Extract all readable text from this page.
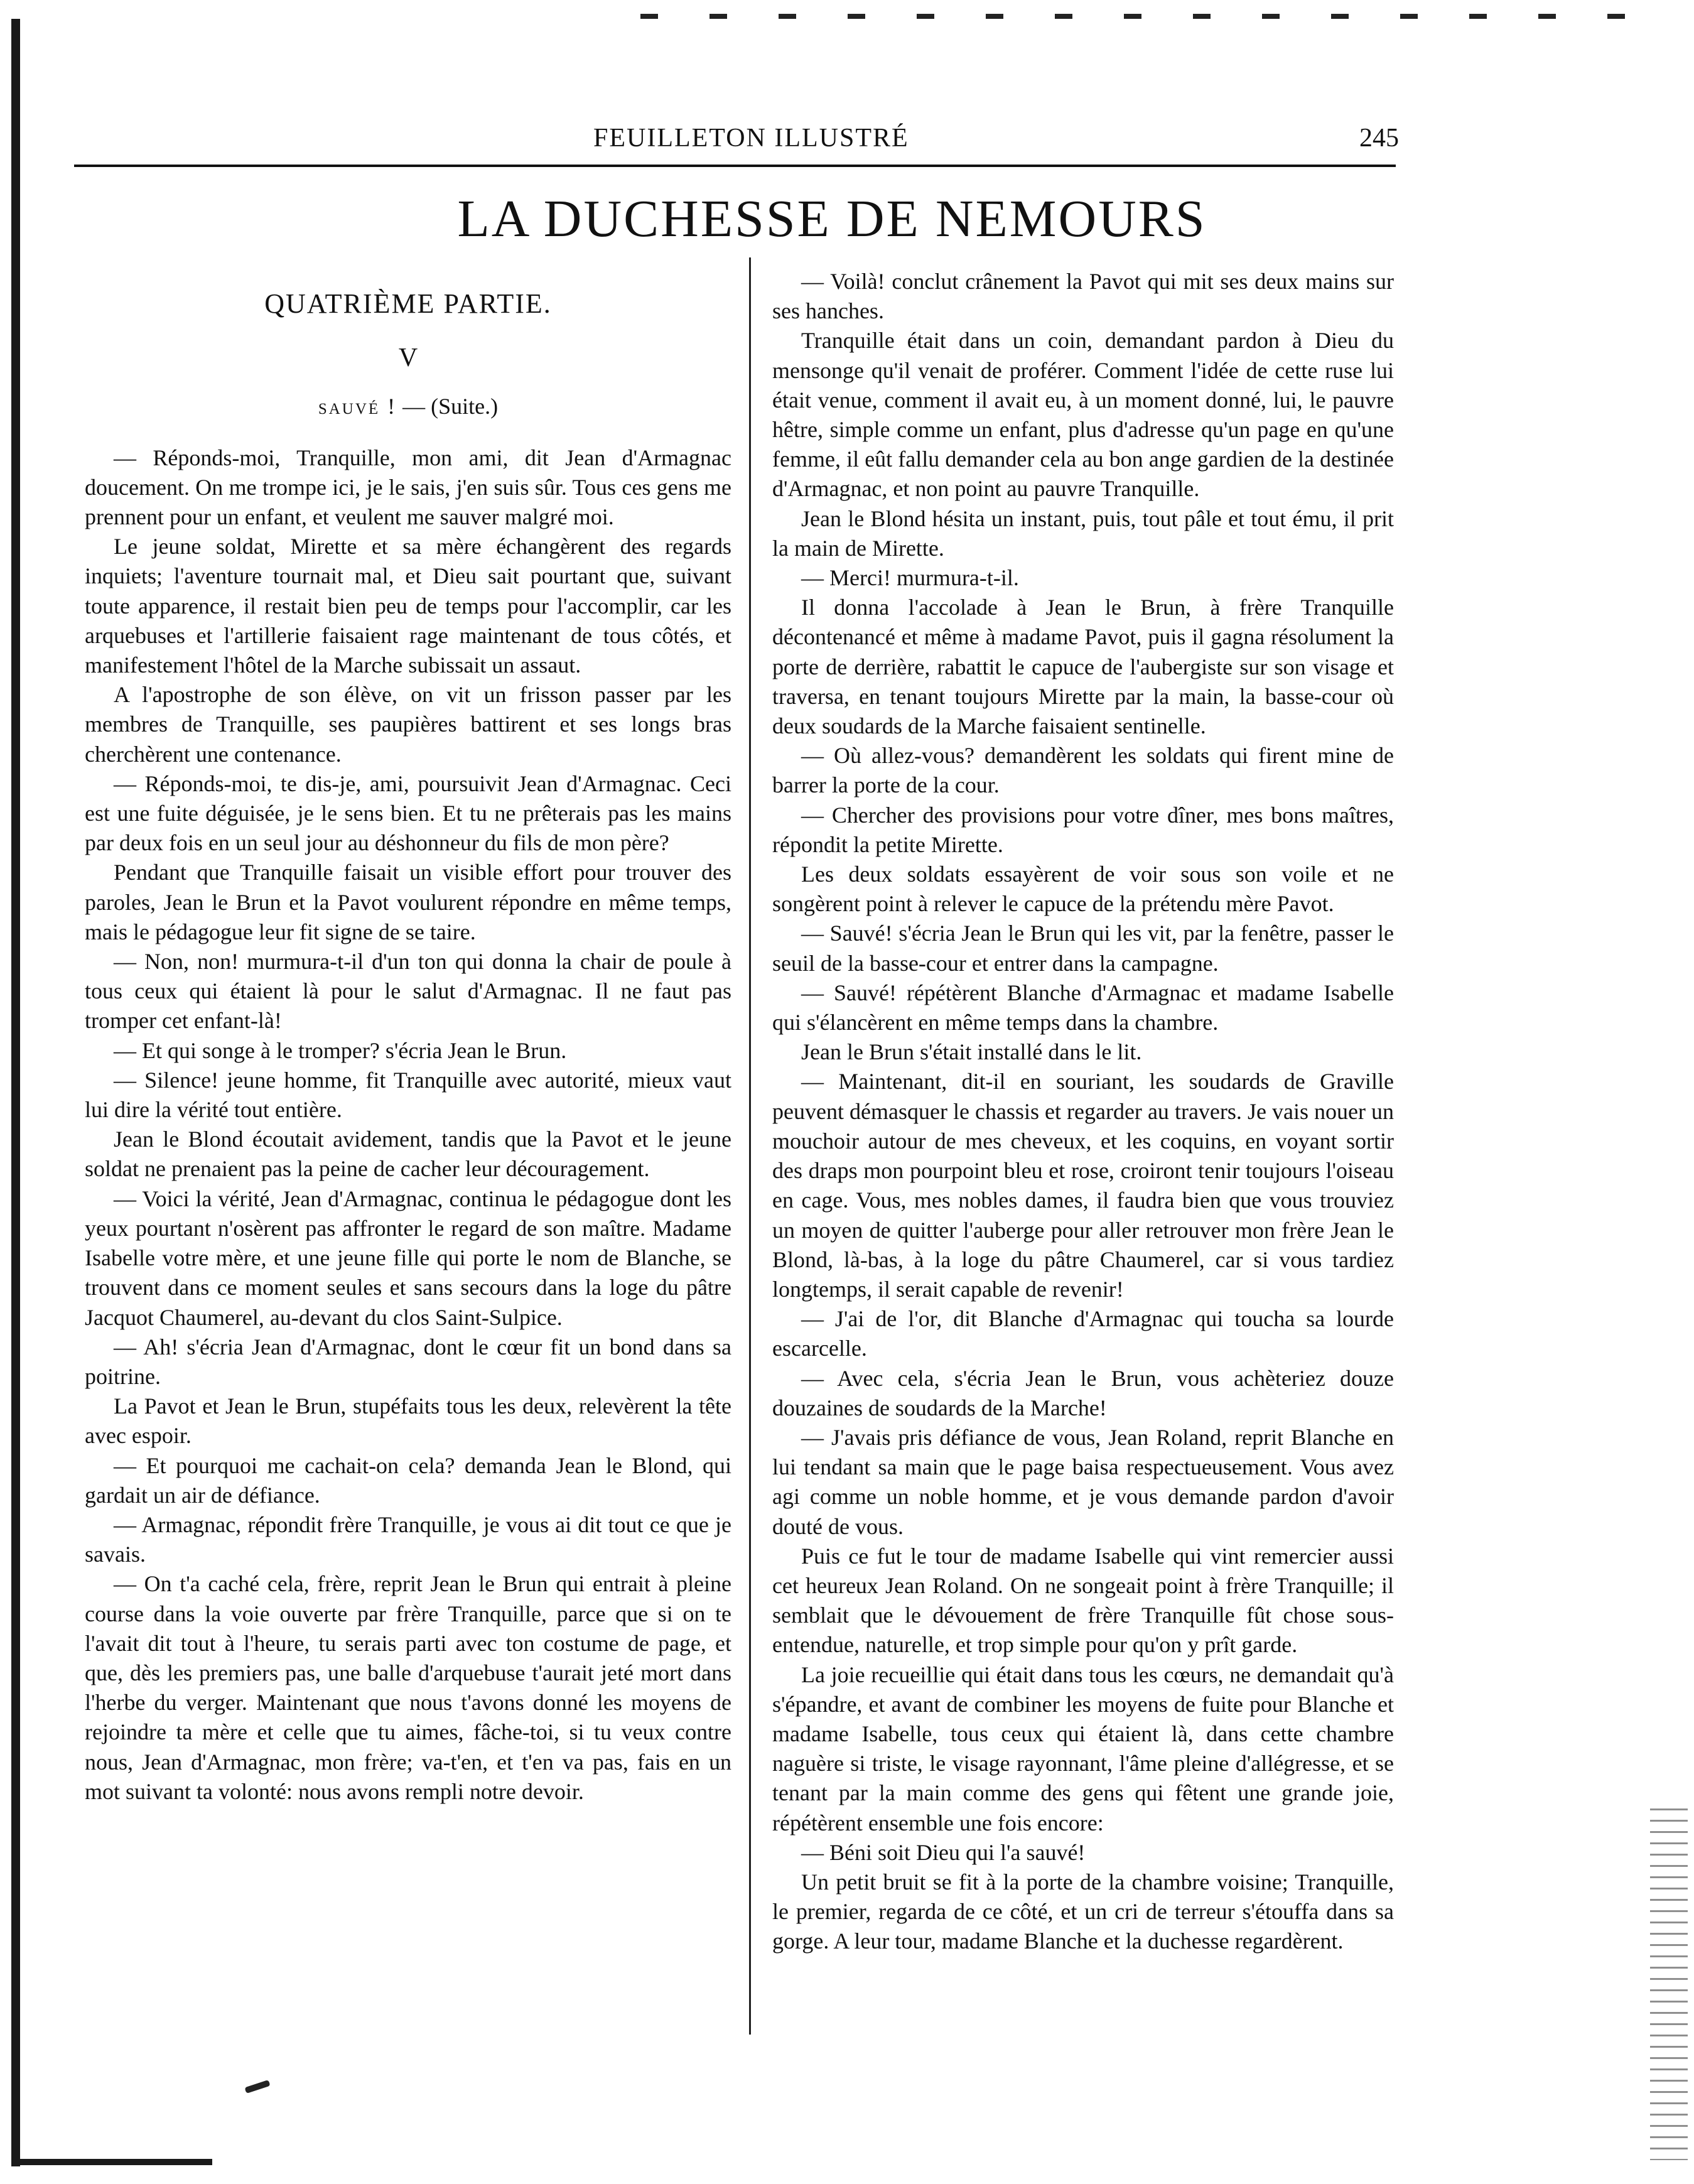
FEUILLETON ILLUSTRÉ	245
LA DUCHESSE DE NEMOURS
QUATRIÈME PARTIE.
V
sauvé ! — (Suite.)

— Réponds-moi, Tranquille, mon ami, dit Jean d'Armagnac doucement. On me trompe ici, je le sais, j'en suis sûr. Tous ces gens me prennent pour un enfant, et veulent me sauver malgré moi.

Le jeune soldat, Mirette et sa mère échangèrent des regards inquiets; l'aventure tournait mal, et Dieu sait pourtant que, suivant toute apparence, il restait bien peu de temps pour l'accomplir, car les arquebuses et l'artillerie faisaient rage maintenant de tous côtés, et manifestement l'hôtel de la Marche subissait un assaut.

A l'apostrophe de son élève, on vit un frisson passer par les membres de Tranquille, ses paupières battirent et ses longs bras cherchèrent une contenance.

— Réponds-moi, te dis-je, ami, poursuivit Jean d'Armagnac. Ceci est une fuite déguisée, je le sens bien. Et tu ne prêterais pas les mains par deux fois en un seul jour au déshonneur du fils de mon père?

Pendant que Tranquille faisait un visible effort pour trouver des paroles, Jean le Brun et la Pavot voulurent répondre en même temps, mais le pédagogue leur fit signe de se taire.

— Non, non! murmura-t-il d'un ton qui donna la chair de poule à tous ceux qui étaient là pour le salut d'Armagnac. Il ne faut pas tromper cet enfant-là!

— Et qui songe à le tromper? s'écria Jean le Brun.

— Silence! jeune homme, fit Tranquille avec autorité, mieux vaut lui dire la vérité tout entière.

Jean le Blond écoutait avidement, tandis que la Pavot et le jeune soldat ne prenaient pas la peine de cacher leur découragement.

— Voici la vérité, Jean d'Armagnac, continua le pédagogue dont les yeux pourtant n'osèrent pas affronter le regard de son maître. Madame Isabelle votre mère, et une jeune fille qui porte le nom de Blanche, se trouvent dans ce moment seules et sans secours dans la loge du pâtre Jacquot Chaumerel, au-devant du clos Saint-Sulpice.

— Ah! s'écria Jean d'Armagnac, dont le cœur fit un bond dans sa poitrine.

La Pavot et Jean le Brun, stupéfaits tous les deux, relevèrent la tête avec espoir.

— Et pourquoi me cachait-on cela? demanda Jean le Blond, qui gardait un air de défiance.

— Armagnac, répondit frère Tranquille, je vous ai dit tout ce que je savais.

— On t'a caché cela, frère, reprit Jean le Brun qui entrait à pleine course dans la voie ouverte par frère Tranquille, parce que si on te l'avait dit tout à l'heure, tu serais parti avec ton costume de page, et que, dès les premiers pas, une balle d'arquebuse t'aurait jeté mort dans l'herbe du verger. Maintenant que nous t'avons donné les moyens de rejoindre ta mère et celle que tu aimes, fâche-toi, si tu veux contre nous, Jean d'Armagnac, mon frère; va-t'en, et t'en va pas, fais en un mot suivant ta volonté: nous avons rempli notre devoir.

— Voilà! conclut crânement la Pavot qui mit ses deux mains sur ses hanches.

Tranquille était dans un coin, demandant pardon à Dieu du mensonge qu'il venait de proférer. Comment l'idée de cette ruse lui était venue, comment il avait eu, à un moment donné, lui, le pauvre hêtre, simple comme un enfant, plus d'adresse qu'un page en qu'une femme, il eût fallu demander cela au bon ange gardien de la destinée d'Armagnac, et non point au pauvre Tranquille.

Jean le Blond hésita un instant, puis, tout pâle et tout ému, il prit la main de Mirette.

— Merci! murmura-t-il.

Il donna l'accolade à Jean le Brun, à frère Tranquille décontenancé et même à madame Pavot, puis il gagna résolument la porte de derrière, rabattit le capuce de l'aubergiste sur son visage et traversa, en tenant toujours Mirette par la main, la basse-cour où deux soudards de la Marche faisaient sentinelle.

— Où allez-vous? demandèrent les soldats qui firent mine de barrer la porte de la cour.

— Chercher des provisions pour votre dîner, mes bons maîtres, répondit la petite Mirette.

Les deux soldats essayèrent de voir sous son voile et ne songèrent point à relever le capuce de la prétendu mère Pavot.

— Sauvé! s'écria Jean le Brun qui les vit, par la fenêtre, passer le seuil de la basse-cour et entrer dans la campagne.

— Sauvé! répétèrent Blanche d'Armagnac et madame Isabelle qui s'élancèrent en même temps dans la chambre.

Jean le Brun s'était installé dans le lit.

— Maintenant, dit-il en souriant, les soudards de Graville peuvent démasquer le chassis et regarder au travers. Je vais nouer un mouchoir autour de mes cheveux, et les coquins, en voyant sortir des draps mon pourpoint bleu et rose, croiront tenir toujours l'oiseau en cage. Vous, mes nobles dames, il faudra bien que vous trouviez un moyen de quitter l'auberge pour aller retrouver mon frère Jean le Blond, là-bas, à la loge du pâtre Chaumerel, car si vous tardiez longtemps, il serait capable de revenir!

— J'ai de l'or, dit Blanche d'Armagnac qui toucha sa lourde escarcelle.

— Avec cela, s'écria Jean le Brun, vous achèteriez douze douzaines de soudards de la Marche!

— J'avais pris défiance de vous, Jean Roland, reprit Blanche en lui tendant sa main que le page baisa respectueusement. Vous avez agi comme un noble homme, et je vous demande pardon d'avoir douté de vous.

Puis ce fut le tour de madame Isabelle qui vint remercier aussi cet heureux Jean Roland. On ne songeait point à frère Tranquille; il semblait que le dévouement de frère Tranquille fût chose sous-entendue, naturelle, et trop simple pour qu'on y prît garde.

La joie recueillie qui était dans tous les cœurs, ne demandait qu'à s'épandre, et avant de combiner les moyens de fuite pour Blanche et madame Isabelle, tous ceux qui étaient là, dans cette chambre naguère si triste, le visage rayonnant, l'âme pleine d'allégresse, et se tenant par la main comme des gens qui fêtent une grande joie, répétèrent ensemble une fois encore:

— Béni soit Dieu qui l'a sauvé!

Un petit bruit se fit à la porte de la chambre voisine; Tranquille, le premier, regarda de ce côté, et un cri de terreur s'étouffa dans sa gorge. A leur tour, madame Blanche et la duchesse regardèrent.
